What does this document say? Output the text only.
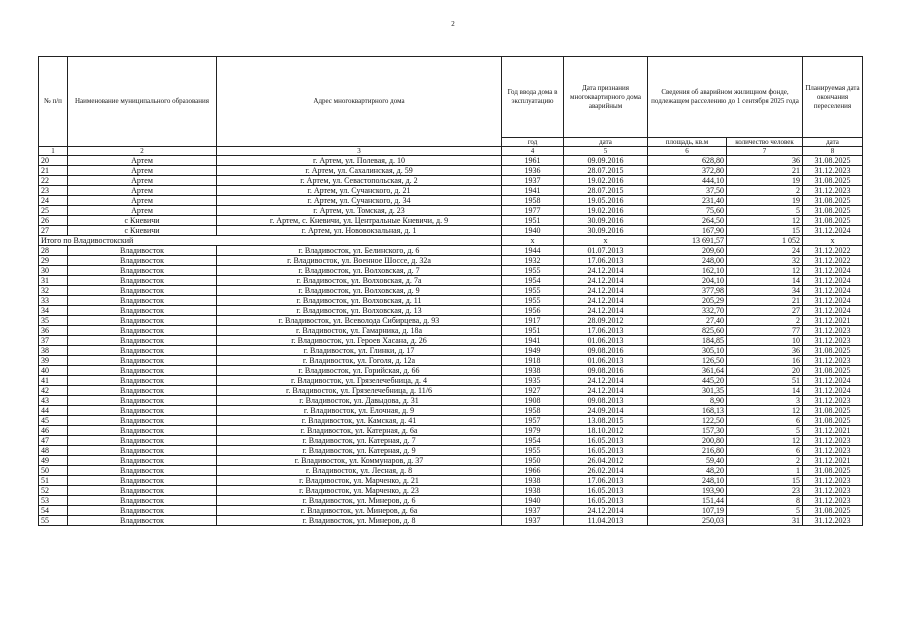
2
№ п/п	Наименование муниципального образования	Адрес многоквартирного дома	Год ввода дома в эксплуатацию	Дата признания многоквартирного дома аварийным	Сведения об аварийном жилищном фонде, подлежащем расселению до 1 сентября 2025 года		Планируемая дата окончания переселения
			год	дата	площадь, кв.м	количество человек	дата
1	2	3	4	5	6	7	8
20	Артем	г. Артем, ул. Полевая, д. 10	1961	09.09.2016	628,80	36	31.08.2025
21	Артем	г. Артем, ул. Сахалинская, д. 59	1936	28.07.2015	372,80	21	31.12.2023
22	Артем	г. Артем, ул. Севастопольская, д. 2	1937	19.02.2016	444,10	19	31.08.2025
23	Артем	г. Артем, ул. Сучанского, д. 21	1941	28.07.2015	37,50	2	31.12.2023
24	Артем	г. Артем, ул. Сучанского, д. 34	1958	19.05.2016	231,40	19	31.08.2025
25	Артем	г. Артем, ул. Томская, д. 23	1977	19.02.2016	75,60	5	31.08.2025
26	с Кневичи	г. Артем, с. Кневичи, ул. Центральные Кневичи, д. 9	1951	30.09.2016	264,50	12	31.08.2025
27	с Кневичи	г. Артем, ул. Нововокзальная, д. 1	1940	30.09.2016	167,90	15	31.12.2024
Итого по Владивостокский			x	x	13 691,57	1 052	x
28	Владивосток	г. Владивосток, ул. Белинского, д. 6	1944	01.07.2013	209,60	24	31.12.2022
29	Владивосток	г. Владивосток, ул. Военное Шоссе, д. 32а	1932	17.06.2013	248,00	32	31.12.2022
30	Владивосток	г. Владивосток, ул. Волховская, д. 7	1955	24.12.2014	162,10	12	31.12.2024
31	Владивосток	г. Владивосток, ул. Волховская, д. 7а	1954	24.12.2014	204,10	14	31.12.2024
32	Владивосток	г. Владивосток, ул. Волховская, д. 9	1955	24.12.2014	377,98	34	31.12.2024
33	Владивосток	г. Владивосток, ул. Волховская, д. 11	1955	24.12.2014	205,29	21	31.12.2024
34	Владивосток	г. Владивосток, ул. Волховская, д. 13	1956	24.12.2014	332,70	27	31.12.2024
35	Владивосток	г. Владивосток, ул. Всеволода Сибирцева, д. 93	1917	28.09.2012	27,40	2	31.12.2021
36	Владивосток	г. Владивосток, ул. Гамарника, д. 18а	1951	17.06.2013	825,60	77	31.12.2023
37	Владивосток	г. Владивосток, ул. Героев Хасана, д. 26	1941	01.06.2013	184,85	10	31.12.2023
38	Владивосток	г. Владивосток, ул. Глинки, д. 17	1949	09.08.2016	305,10	36	31.08.2025
39	Владивосток	г. Владивосток, ул. Гоголя, д. 12а	1918	01.06.2013	126,50	16	31.12.2023
40	Владивосток	г. Владивосток, ул. Горийская, д. 66	1938	09.08.2016	361,64	20	31.08.2025
41	Владивосток	г. Владивосток, ул. Грязелечебница, д. 4	1935	24.12.2014	445,20	51	31.12.2024
42	Владивосток	г. Владивосток, ул. Грязелечебница, д. 11/6	1927	24.12.2014	301,35	14	31.12.2024
43	Владивосток	г. Владивосток, ул. Давыдова, д. 31	1908	09.08.2013	8,90	3	31.12.2023
44	Владивосток	г. Владивосток, ул. Елочная, д. 9	1958	24.09.2014	168,13	12	31.08.2025
45	Владивосток	г. Владивосток, ул. Камская, д. 41	1957	13.08.2015	122,50	6	31.08.2025
46	Владивосток	г. Владивосток, ул. Катерная, д. 6а	1979	18.10.2012	157,30	5	31.12.2021
47	Владивосток	г. Владивосток, ул. Катерная, д. 7	1954	16.05.2013	200,80	12	31.12.2023
48	Владивосток	г. Владивосток, ул. Катерная, д. 9	1955	16.05.2013	216,80	6	31.12.2023
49	Владивосток	г. Владивосток, ул. Коммунаров, д. 37	1950	26.04.2012	59,40	2	31.12.2021
50	Владивосток	г. Владивосток, ул. Лесная, д. 8	1966	26.02.2014	48,20	1	31.08.2025
51	Владивосток	г. Владивосток, ул. Марченко, д. 21	1938	17.06.2013	248,10	15	31.12.2023
52	Владивосток	г. Владивосток, ул. Марченко, д. 23	1938	16.05.2013	193,90	23	31.12.2023
53	Владивосток	г. Владивосток, ул. Минеров, д. 6	1940	16.05.2013	151,44	8	31.12.2023
54	Владивосток	г. Владивосток, ул. Минеров, д. 6а	1937	24.12.2014	107,19	5	31.08.2025
55	Владивосток	г. Владивосток, ул. Минеров, д. 8	1937	11.04.2013	250,03	31	31.12.2023
